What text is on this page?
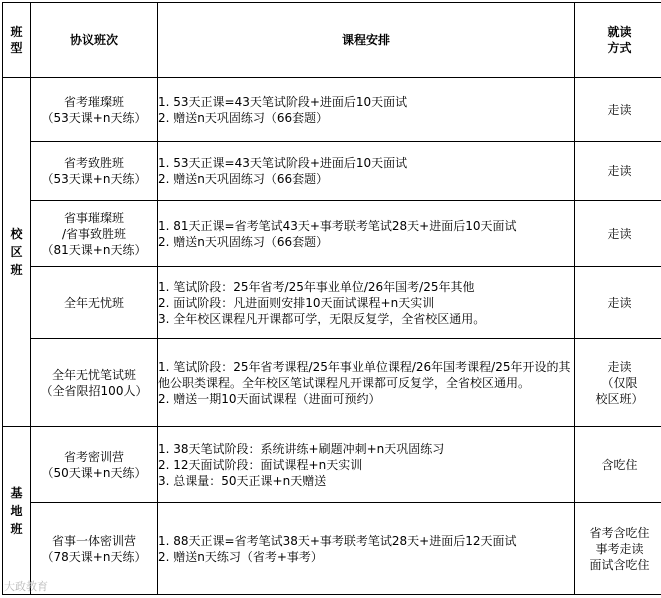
班
型	协议班次	课程安排	就读
方式

校
区
班	省考璀璨班
（53天课+n天练）	1. 53天正课=43天笔试阶段+进面后10天面试
2. 赠送n天巩固练习（66套题）	走读

	省考致胜班
（53天课+n天练）	1. 53天正课=43天笔试阶段+进面后10天面试
2. 赠送n天巩固练习（66套题）	走读

	省事璀璨班
/省事致胜班
（81天课+n天练）	1. 81天正课=省考笔试43天+事考联考笔试28天+进面后10天面试
2. 赠送n天巩固练习（66套题）	走读

	全年无忧班	1. 笔试阶段：25年省考/25年事业单位/26年国考/25年其他
2. 面试阶段：凡进面则安排10天面试课程+n天实训
3. 全年校区课程凡开课都可学，无限反复学，全省校区通用。	走读

	全年无忧笔试班
（全省限招100人）	1. 笔试阶段：25年省考课程/25年事业单位课程/26年国考课程/25年开设的其他公职类课程。全年校区笔试课程凡开课都可反复学，全省校区通用。
2. 赠送一期10天面试课程（进面可预约）	走读
（仅限
校区班）

基
地
班	省考密训营
（50天课+n天练）	1. 38天笔试阶段：系统讲练+刷题冲刺+n天巩固练习
2. 12天面试阶段：面试课程+n天实训
3. 总课量：50天正课+n天赠送	含吃住

	省事一体密训营
（78天课+n天练）	1. 88天正课=省考笔试38天+事考联考笔试28天+进面后12天面试
2. 赠送n天练习（省考+事考）	省考含吃住
事考走读
面试含吃住
大政教育
